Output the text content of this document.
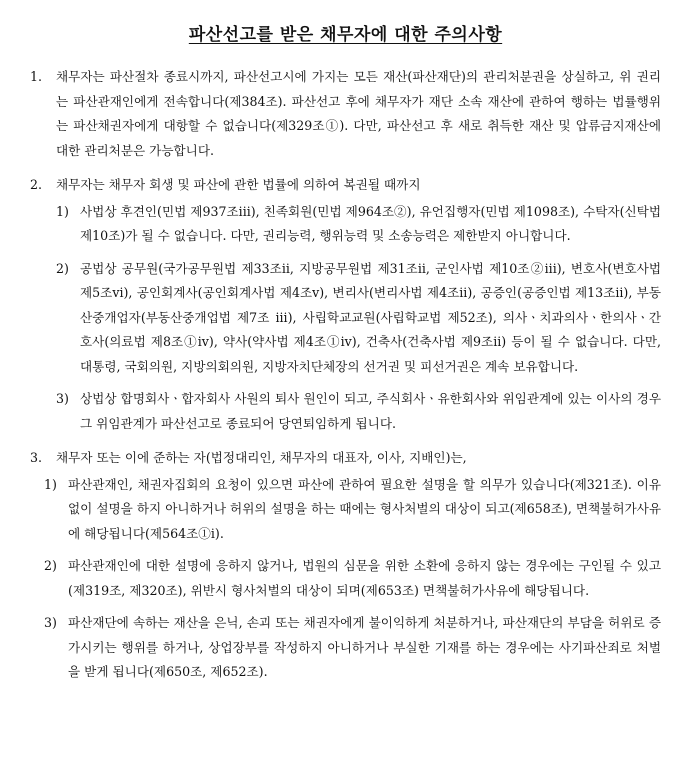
파산선고를 받은 채무자에 대한 주의사항
1.	채무자는 파산절차 종료시까지, 파산선고시에 가지는 모든 재산(파산재단)의 관리처분권을 상실하고, 위 권리는 파산관재인에게 전속합니다(제384조). 파산선고 후에 채무자가 재단 소속 재산에 관하여 행하는 법률행위는 파산채권자에게 대항할 수 없습니다(제329조①). 다만, 파산선고 후 새로 취득한 재산 및 압류금지재산에 대한 관리처분은 가능합니다.
2.	채무자는 채무자 회생 및 파산에 관한 법률에 의하여 복권될 때까지
1) 사법상 후견인(민법 제937조iii), 친족회원(민법 제964조②), 유언집행자(민법 제1098조), 수탁자(신탁법 제10조)가 될 수 없습니다. 다만, 권리능력, 행위능력 및 소송능력은 제한받지 아니합니다.
2) 공법상 공무원(국가공무원법 제33조ii, 지방공무원법 제31조ii, 군인사법 제10조②iii), 변호사(변호사법 제5조vi), 공인회계사(공인회계사법 제4조v), 변리사(변리사법 제4조ii), 공증인(공증인법 제13조ii), 부동산중개업자(부동산중개업법 제7조 iii), 사립학교교원(사립학교법 제52조), 의사ㆍ치과의사ㆍ한의사ㆍ간호사(의료법 제8조①iv), 약사(약사법 제4조①iv), 건축사(건축사법 제9조ii) 등이 될 수 없습니다. 다만, 대통령, 국회의원, 지방의회의원, 지방자치단체장의 선거권 및 피선거권은 계속 보유합니다.
3) 상법상 합명회사ㆍ합자회사 사원의 퇴사 원인이 되고, 주식회사ㆍ유한회사와 위임관계에 있는 이사의 경우 그 위임관계가 파산선고로 종료되어 당연퇴임하게 됩니다.
3.	채무자 또는 이에 준하는 자(법정대리인, 채무자의 대표자, 이사, 지배인)는,
1) 파산관재인, 채권자집회의 요청이 있으면 파산에 관하여 필요한 설명을 할 의무가 있습니다(제321조). 이유 없이 설명을 하지 아니하거나 허위의 설명을 하는 때에는 형사처벌의 대상이 되고(제658조), 면책불허가사유에 해당됩니다(제564조①i).
2) 파산관재인에 대한 설명에 응하지 않거나, 법원의 심문을 위한 소환에 응하지 않는 경우에는 구인될 수 있고(제319조, 제320조), 위반시 형사처벌의 대상이 되며(제653조) 면책불허가사유에 해당됩니다.
3) 파산재단에 속하는 재산을 은닉, 손괴 또는 채권자에게 불이익하게 처분하거나, 파산재단의 부담을 허위로 증가시키는 행위를 하거나, 상업장부를 작성하지 아니하거나 부실한 기재를 하는 경우에는 사기파산죄로 처벌을 받게 됩니다(제650조, 제652조).
